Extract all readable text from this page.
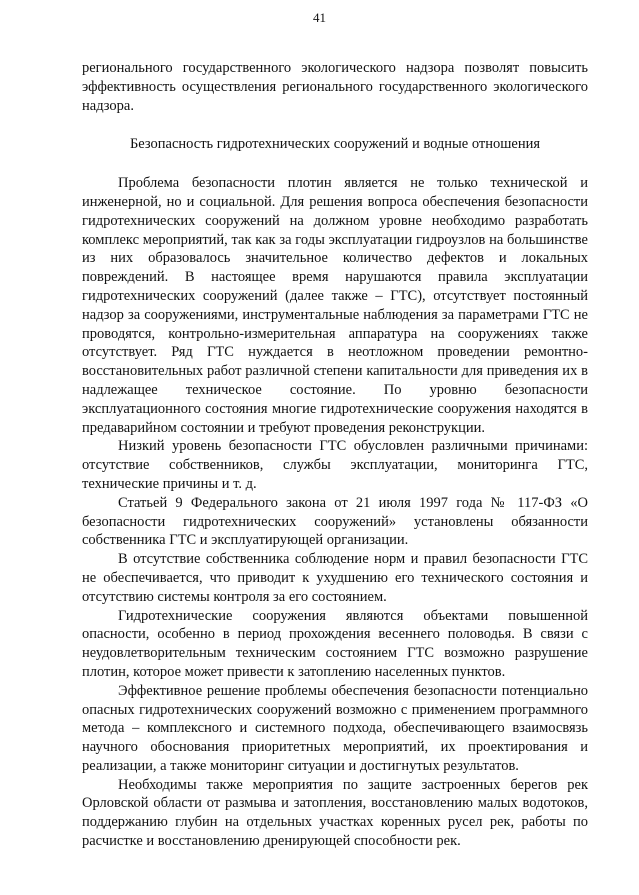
41

регионального государственного экологического надзора позволят повысить эффективность осуществления регионального государственного экологического надзора.

Безопасность гидротехнических сооружений и водные отношения

Проблема безопасности плотин является не только технической и инженерной, но и социальной. Для решения вопроса обеспечения безопасности гидротехнических сооружений на должном уровне необходимо разработать комплекс мероприятий, так как за годы эксплуатации гидроузлов на большинстве из них образовалось значительное количество дефектов и локальных повреждений. В настоящее время нарушаются правила эксплуатации гидротехнических сооружений (далее также – ГТС), отсутствует постоянный надзор за сооружениями, инструментальные наблюдения за параметрами ГТС не проводятся, контрольно-измерительная аппаратура на сооружениях также отсутствует. Ряд ГТС нуждается в неотложном проведении ремонтно-восстановительных работ различной степени капитальности для приведения их в надлежащее техническое состояние. По уровню безопасности эксплуатационного состояния многие гидротехнические сооружения находятся в предаварийном состоянии и требуют проведения реконструкции.

Низкий уровень безопасности ГТС обусловлен различными причинами: отсутствие собственников, службы эксплуатации, мониторинга ГТС, технические причины и т. д.

Статьей 9 Федерального закона от 21 июля 1997 года № 117-ФЗ «О безопасности гидротехнических сооружений» установлены обязанности собственника ГТС и эксплуатирующей организации.

В отсутствие собственника соблюдение норм и правил безопасности ГТС не обеспечивается, что приводит к ухудшению его технического состояния и отсутствию системы контроля за его состоянием.

Гидротехнические сооружения являются объектами повышенной опасности, особенно в период прохождения весеннего половодья. В связи с неудовлетворительным техническим состоянием ГТС возможно разрушение плотин, которое может привести к затоплению населенных пунктов.

Эффективное решение проблемы обеспечения безопасности потенциально опасных гидротехнических сооружений возможно с применением программного метода – комплексного и системного подхода, обеспечивающего взаимосвязь научного обоснования приоритетных мероприятий, их проектирования и реализации, а также мониторинг ситуации и достигнутых результатов.

Необходимы также мероприятия по защите застроенных берегов рек Орловской области от размыва и затопления, восстановлению малых водотоков, поддержанию глубин на отдельных участках коренных русел рек, работы по расчистке и восстановлению дренирующей способности рек.
